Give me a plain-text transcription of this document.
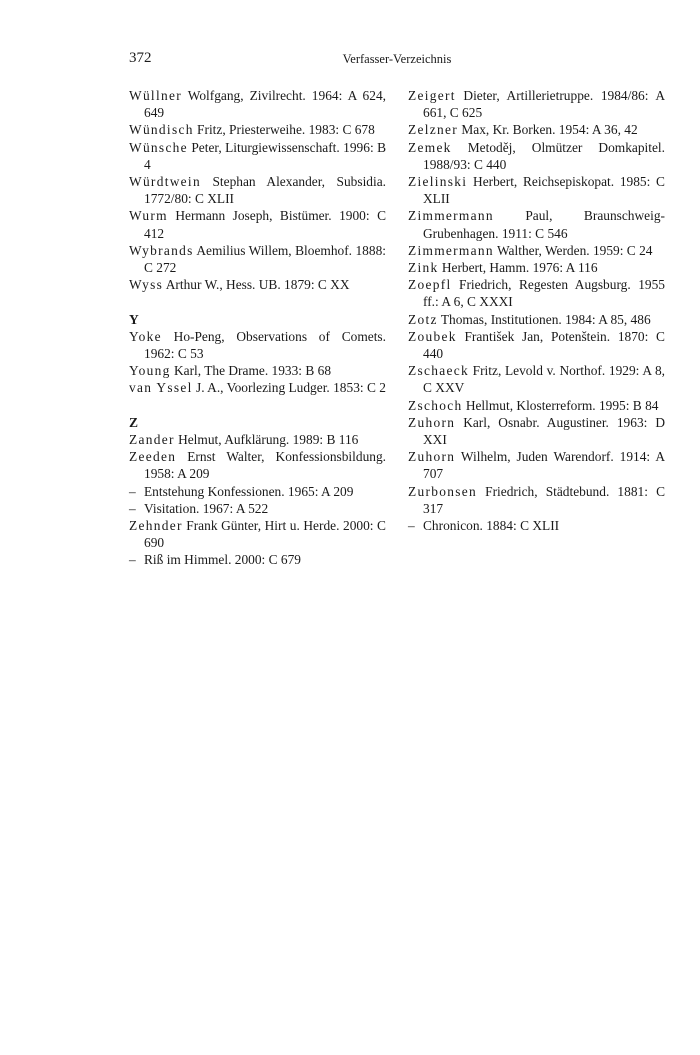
372	Verfasser-Verzeichnis

Wüllner Wolfgang, Zivilrecht. 1964: A 624, 649

Wündisch Fritz, Priesterweihe. 1983: C 678

Wünsche Peter, Liturgiewissenschaft. 1996: B 4

Würdtwein Stephan Alexander, Subsidia. 1772/80: C XLII

Wurm Hermann Joseph, Bistümer. 1900: C 412

Wybrands Aemilius Willem, Bloemhof. 1888: C 272

Wyss Arthur W., Hess. UB. 1879: C XX

Y

Yoke Ho-Peng, Observations of Comets. 1962: C 53

Young Karl, The Drame. 1933: B 68

van Yssel J. A., Voorlezing Ludger. 1853: C 2

Z

Zander Helmut, Aufklärung. 1989: B 116

Zeeden Ernst Walter, Konfessionsbildung. 1958: A 209

– Entstehung Konfessionen. 1965: A 209

– Visitation. 1967: A 522

Zehnder Frank Günter, Hirt u. Herde. 2000: C 690

– Riß im Himmel. 2000: C 679

Zeigert Dieter, Artillerietruppe. 1984/86: A 661, C 625

Zelzner Max, Kr. Borken. 1954: A 36, 42

Zemek Metoděj, Olmützer Domkapitel. 1988/93: C 440

Zielinski Herbert, Reichsepiskopat. 1985: C XLII

Zimmermann Paul, Braunschweig-Grubenhagen. 1911: C 546

Zimmermann Walther, Werden. 1959: C 24

Zink Herbert, Hamm. 1976: A 116

Zoepfl Friedrich, Regesten Augsburg. 1955 ff.: A 6, C XXXI

Zotz Thomas, Institutionen. 1984: A 85, 486

Zoubek František Jan, Potenštein. 1870: C 440

Zschaeck Fritz, Levold v. Northof. 1929: A 8, C XXV

Zschoch Hellmut, Klosterreform. 1995: B 84

Zuhorn Karl, Osnabr. Augustiner. 1963: D XXI

Zuhorn Wilhelm, Juden Warendorf. 1914: A 707

Zurbonsen Friedrich, Städtebund. 1881: C 317

– Chronicon. 1884: C XLII
